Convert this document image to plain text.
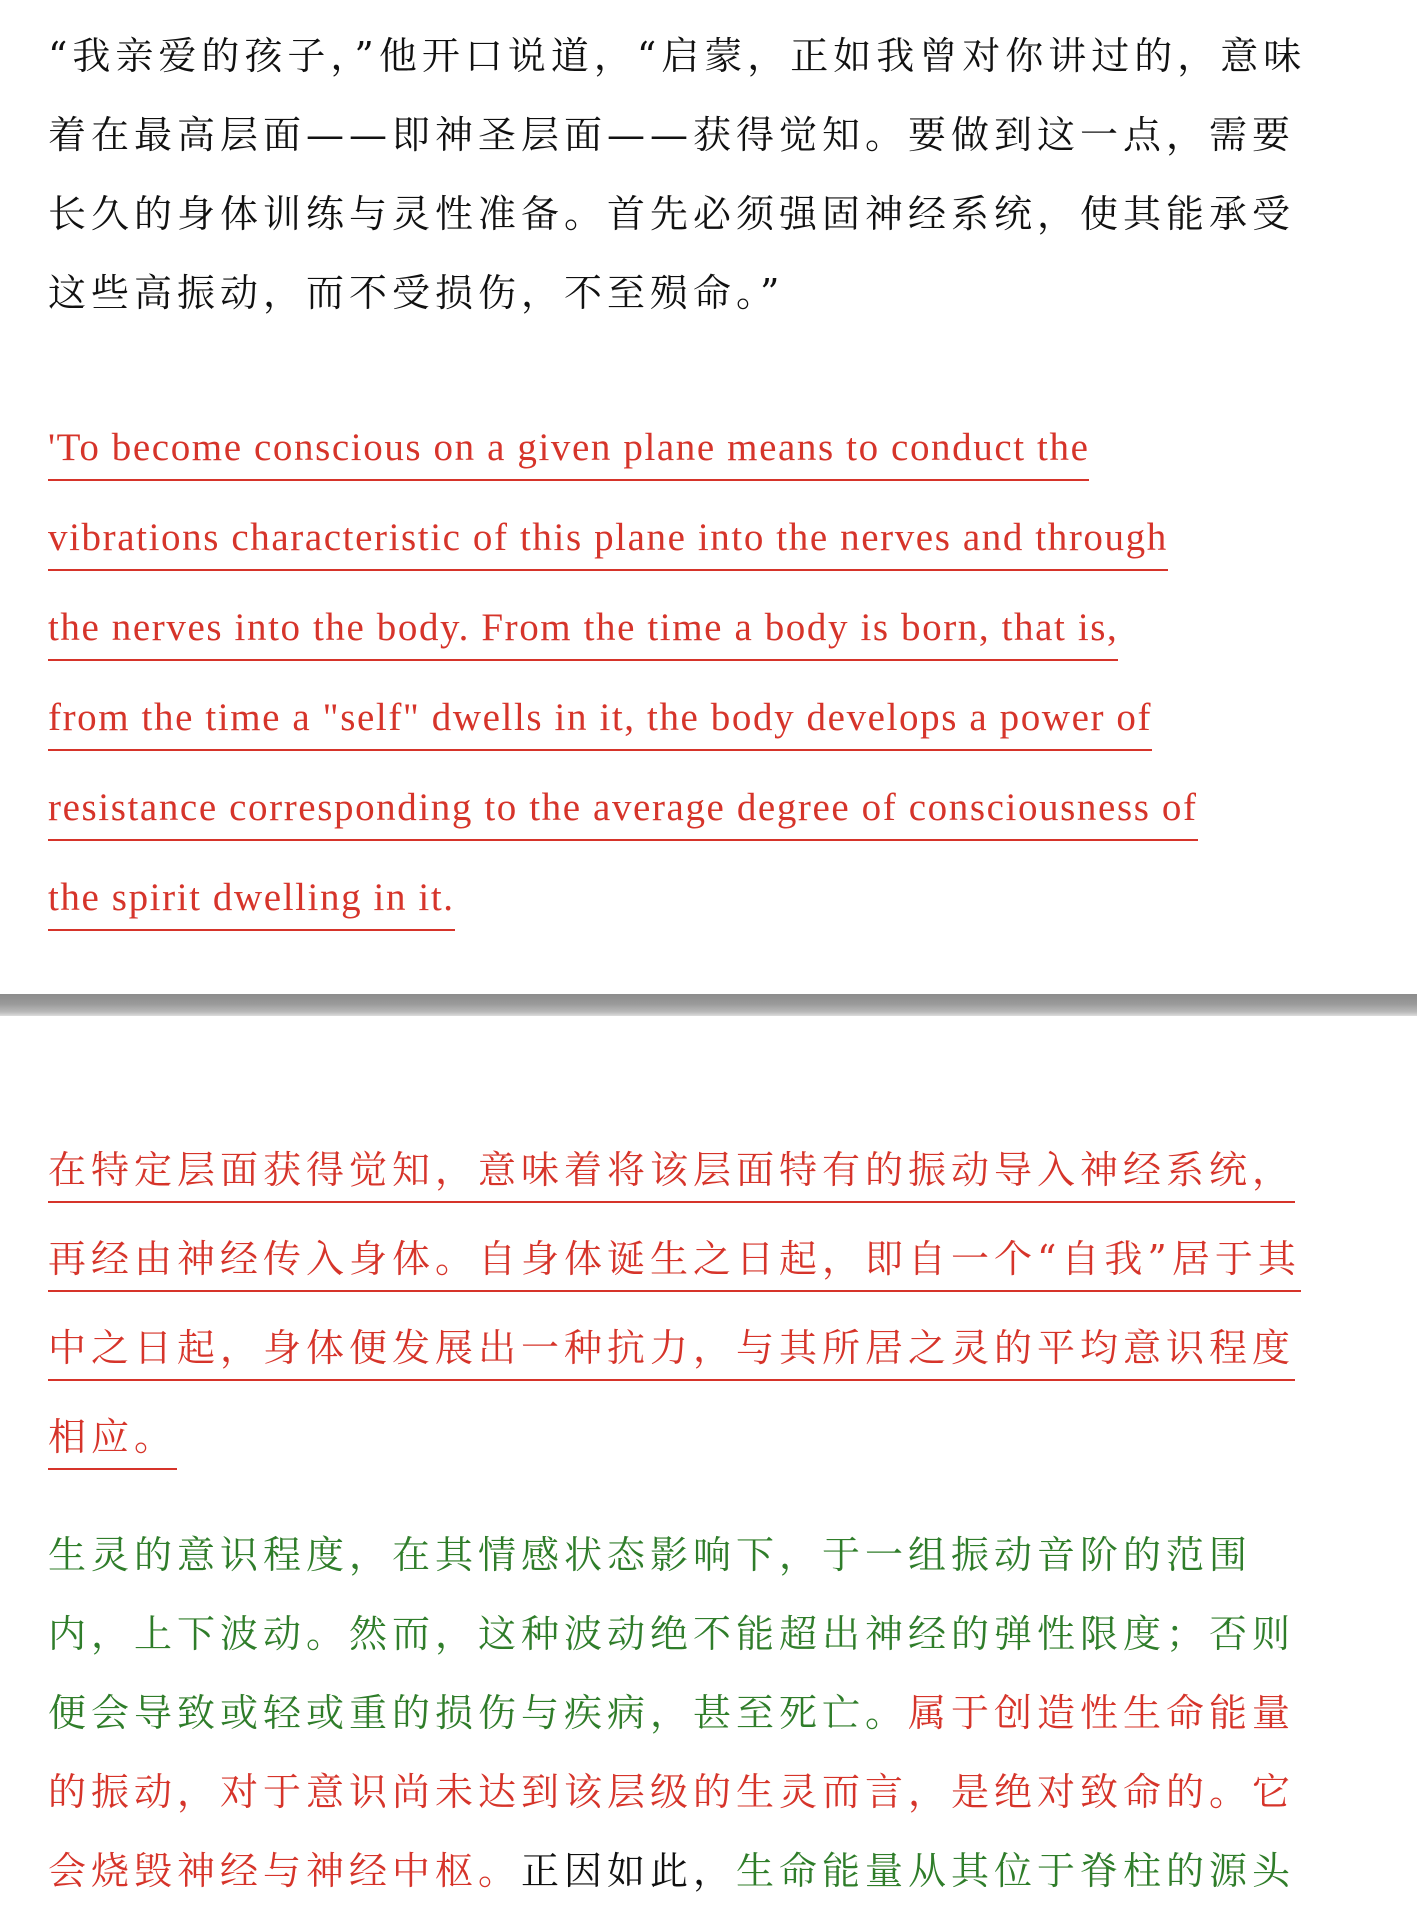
“我亲爱的孩子，”他开口说道，“启蒙，正如我曾对你讲过的，意味
着在最高层面——即神圣层面——获得觉知。要做到这一点，需要
长久的身体训练与灵性准备。首先必须强固神经系统，使其能承受
这些高振动，而不受损伤，不至殒命。”
'To become conscious on a given plane means to conduct the
vibrations characteristic of this plane into the nerves and through
the nerves into the body. From the time a body is born, that is,
from the time a "self" dwells in it, the body develops a power of
resistance corresponding to the average degree of consciousness of
the spirit dwelling in it.
在特定层面获得觉知，意味着将该层面特有的振动导入神经系统，
再经由神经传入身体。自身体诞生之日起，即自一个“自我”居于其
中之日起，身体便发展出一种抗力，与其所居之灵的平均意识程度
相应。
生灵的意识程度，在其情感状态影响下，于一组振动音阶的范围
内，上下波动。然而，这种波动绝不能超出神经的弹性限度；否则
便会导致或轻或重的损伤与疾病，甚至死亡。属于创造性生命能量
的振动，对于意识尚未达到该层级的生灵而言，是绝对致命的。它
会烧毁神经与神经中枢。正因如此，生命能量从其位于脊柱的源头
